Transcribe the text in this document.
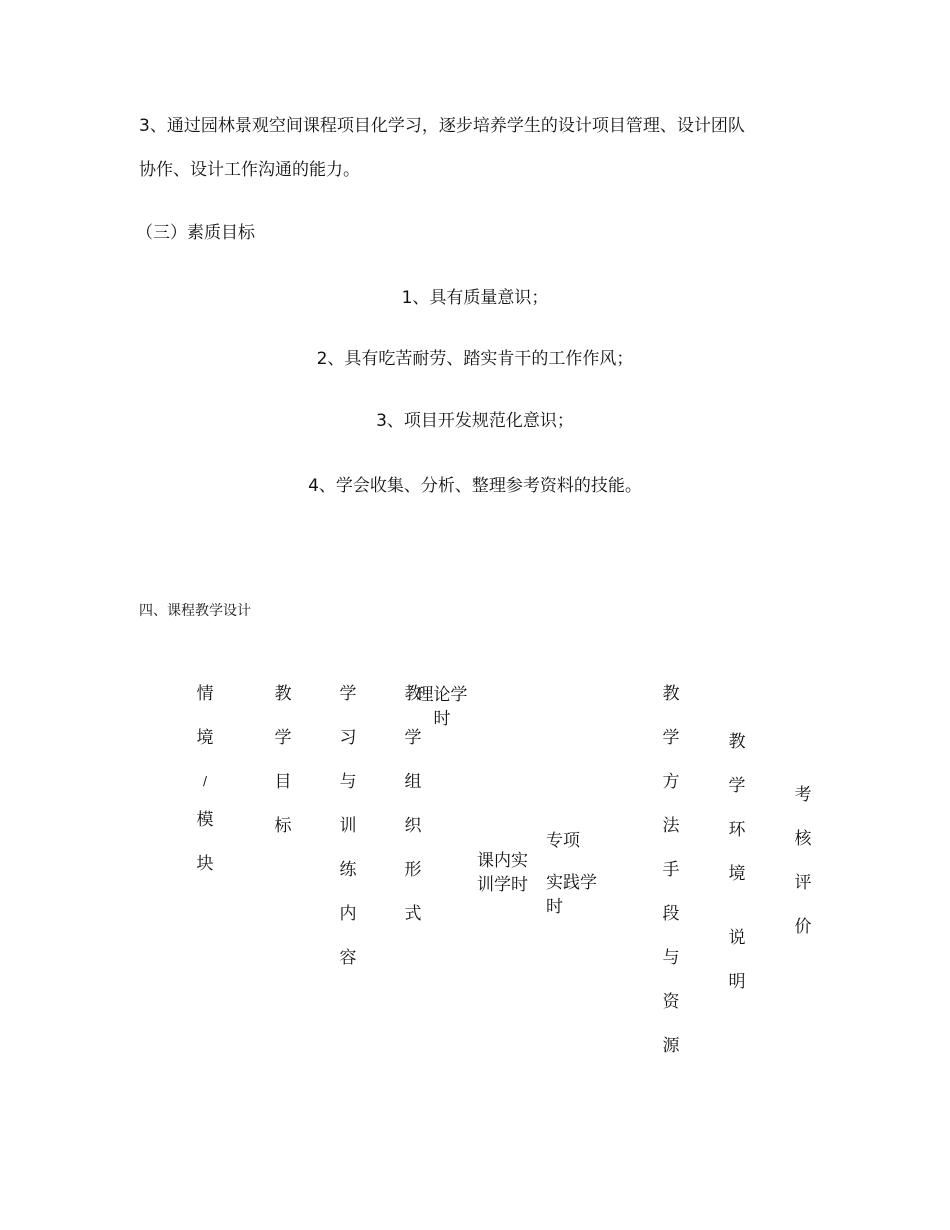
3、通过园林景观空间课程项目化学习，逐步培养学生的设计项目管理、设计团队
协作、设计工作沟通的能力。
（三）素质目标
1、具有质量意识；
2、具有吃苦耐劳、踏实肯干的工作作风；
3、项目开发规范化意识；
4、学会收集、分析、整理参考资料的技能。
四、课程教学设计
情
境
/
模
块
教
学
目
标
学
习
与
训
练
内
容
教
学
组
织
形
式
理论学时
课内实训学时
专项
实践学时
教
学
方
法
手
段
与
资
源
教
学
环
境
说
明
考
核
评
价
